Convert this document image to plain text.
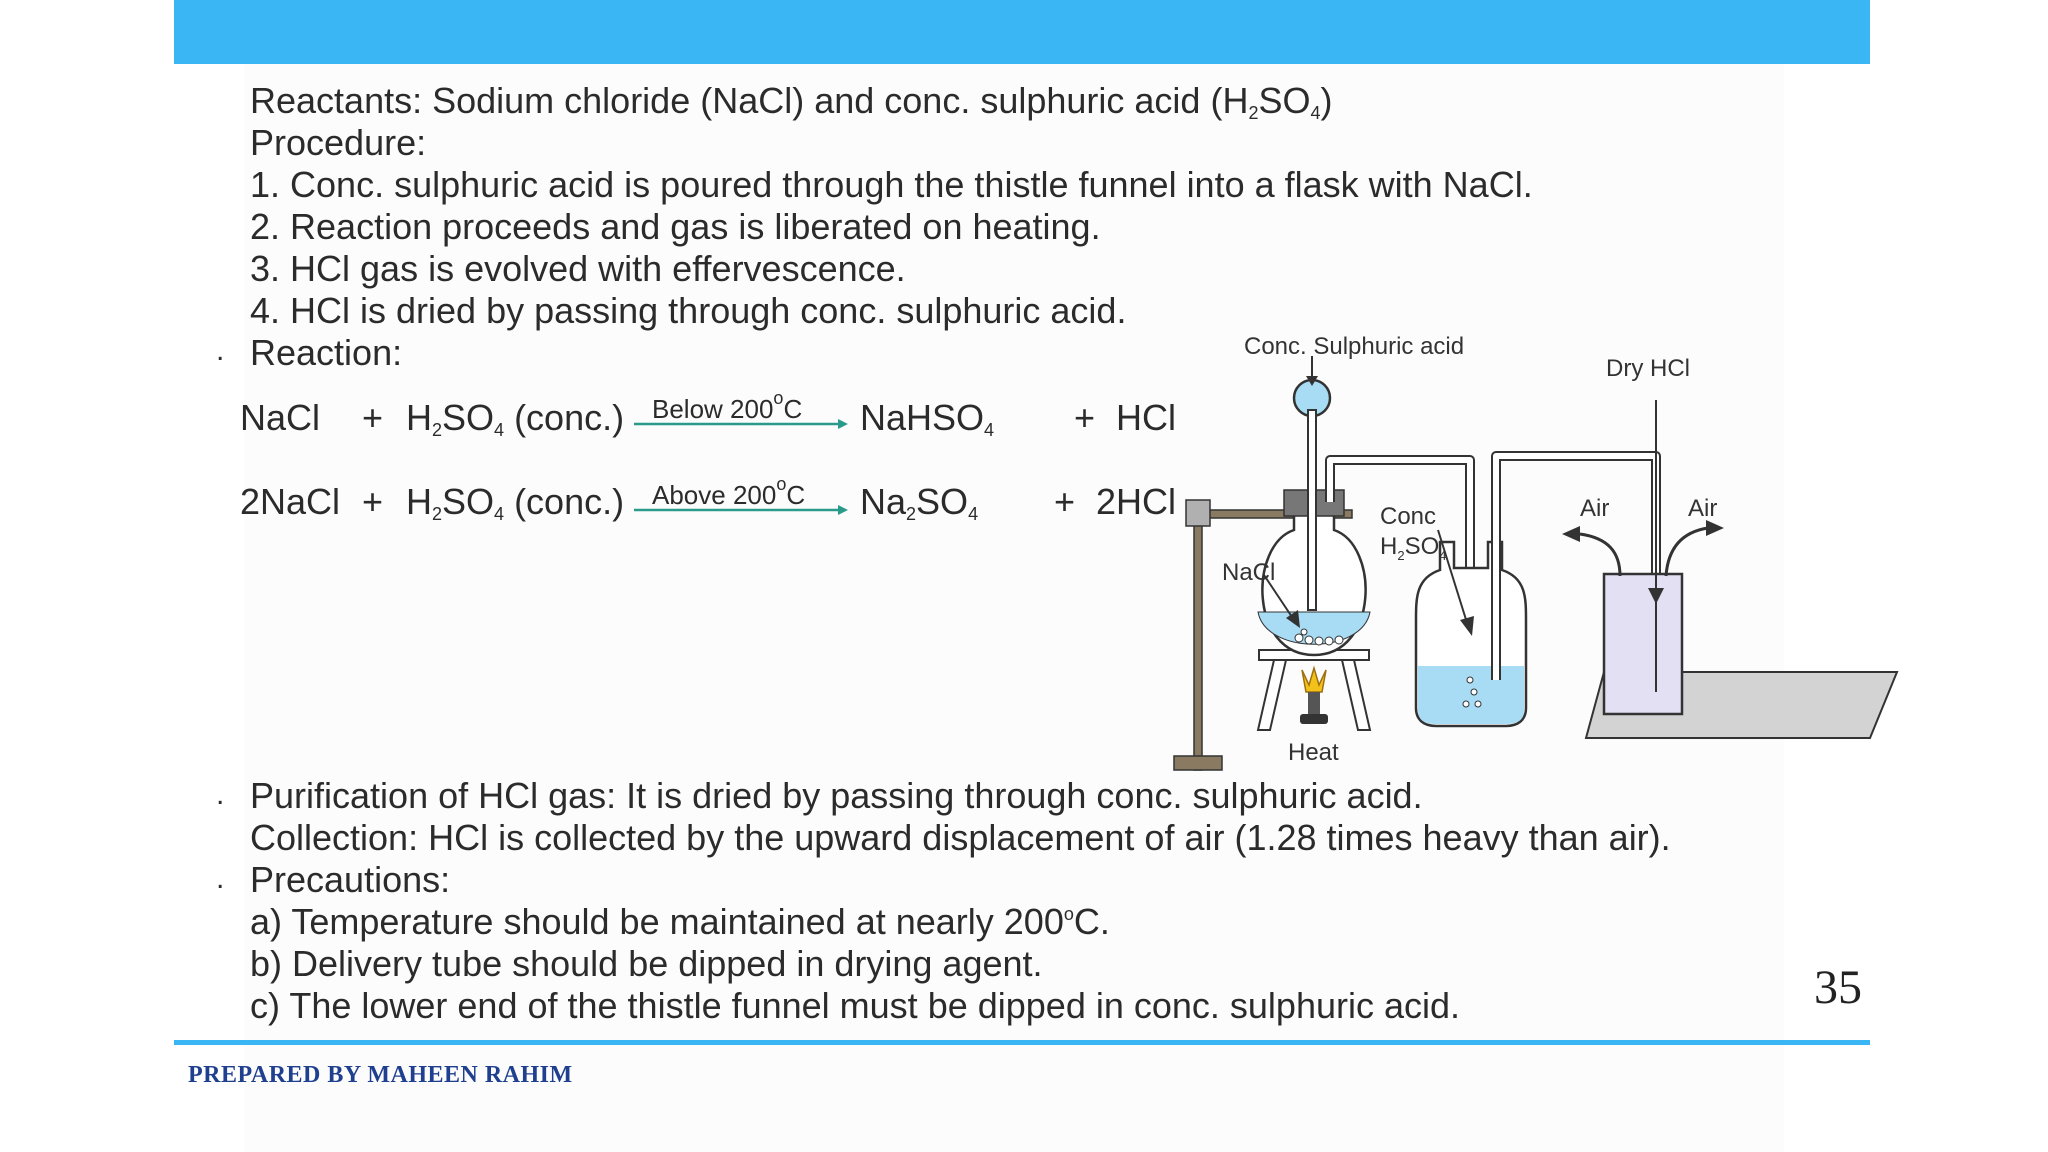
Reactants: Sodium chloride (NaCl) and conc. sulphuric acid $(H_2SO_4)$
Procedure:
1. Conc. sulphuric acid is poured through the thistle funnel into a flask with NaCl.
2. Reaction proceeds and gas is liberated on heating.
3. HCl gas is evolved with effervescence.
4. HCl is dried by passing through conc. sulphuric acid.
. Reaction:
NaCl + $H_2SO_4$ (conc.)	NaHSO$_4$ + HCl
Below 200$^o$C
2NaCl + $H_2SO_4$ (conc.)	$Na_2SO_4 + 2HCl$
Above 200$^o$C
Conc. Sulphuric acid
Dry HCl
Conc
$H_2SO_4$
Air	Air
NaCl
Heat
. Purification of HCl gas: It is dried by passing through conc. sulphuric acid.
Collection: HCl is collected by the upward displacement of air (1.28 times heavy than air).
. Precautions:
a) Temperature should be maintained at nearly 200$^o$C.
b) Delivery tube should be dipped in drying agent.
c) The lower end of the thistle funnel must be dipped in conc. sulphuric acid.	35
PREPARED BY MAHEEN RAHIM
